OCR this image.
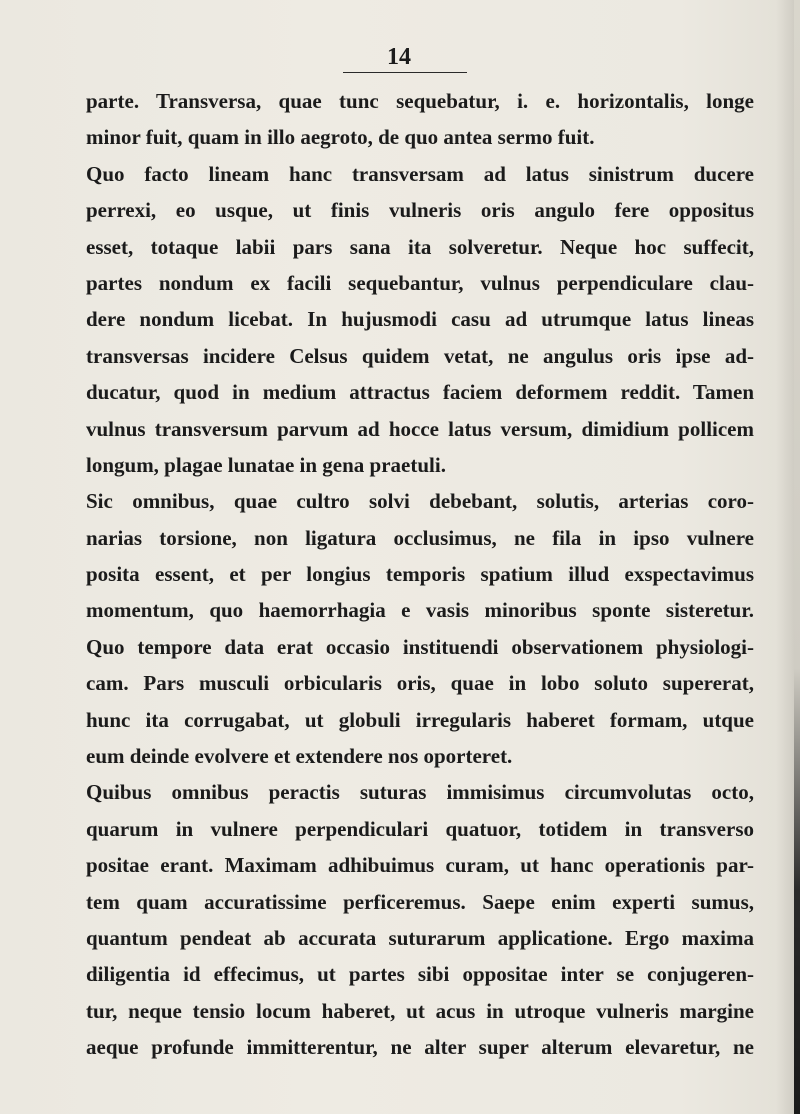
14
parte. Transversa, quae tunc sequebatur, i. e. horizontalis, longe
minor fuit, quam in illo aegroto, de quo antea sermo fuit.
Quo facto lineam hanc transversam ad latus sinistrum ducere
perrexi, eo usque, ut finis vulneris oris angulo fere oppositus
esset, totaque labii pars sana ita solveretur. Neque hoc suffecit,
partes nondum ex facili sequebantur, vulnus perpendiculare clau-
dere nondum licebat. In hujusmodi casu ad utrumque latus lineas
transversas incidere Celsus quidem vetat, ne angulus oris ipse ad-
ducatur, quod in medium attractus faciem deformem reddit. Tamen
vulnus transversum parvum ad hocce latus versum, dimidium pollicem
longum, plagae lunatae in gena praetuli.
Sic omnibus, quae cultro solvi debebant, solutis, arterias coro-
narias torsione, non ligatura occlusimus, ne fila in ipso vulnere
posita essent, et per longius temporis spatium illud exspectavimus
momentum, quo haemorrhagia e vasis minoribus sponte sisteretur.
Quo tempore data erat occasio instituendi observationem physiologi-
cam. Pars musculi orbicularis oris, quae in lobo soluto supererat,
hunc ita corrugabat, ut globuli irregularis haberet formam, utque
eum deinde evolvere et extendere nos oporteret.
Quibus omnibus peractis suturas immisimus circumvolutas octo,
quarum in vulnere perpendiculari quatuor, totidem in transverso
positae erant. Maximam adhibuimus curam, ut hanc operationis par-
tem quam accuratissime perficeremus. Saepe enim experti sumus,
quantum pendeat ab accurata suturarum applicatione. Ergo maxima
diligentia id effecimus, ut partes sibi oppositae inter se conjugeren-
tur, neque tensio locum haberet, ut acus in utroque vulneris margine
aeque profunde immitterentur, ne alter super alterum elevaretur, ne
